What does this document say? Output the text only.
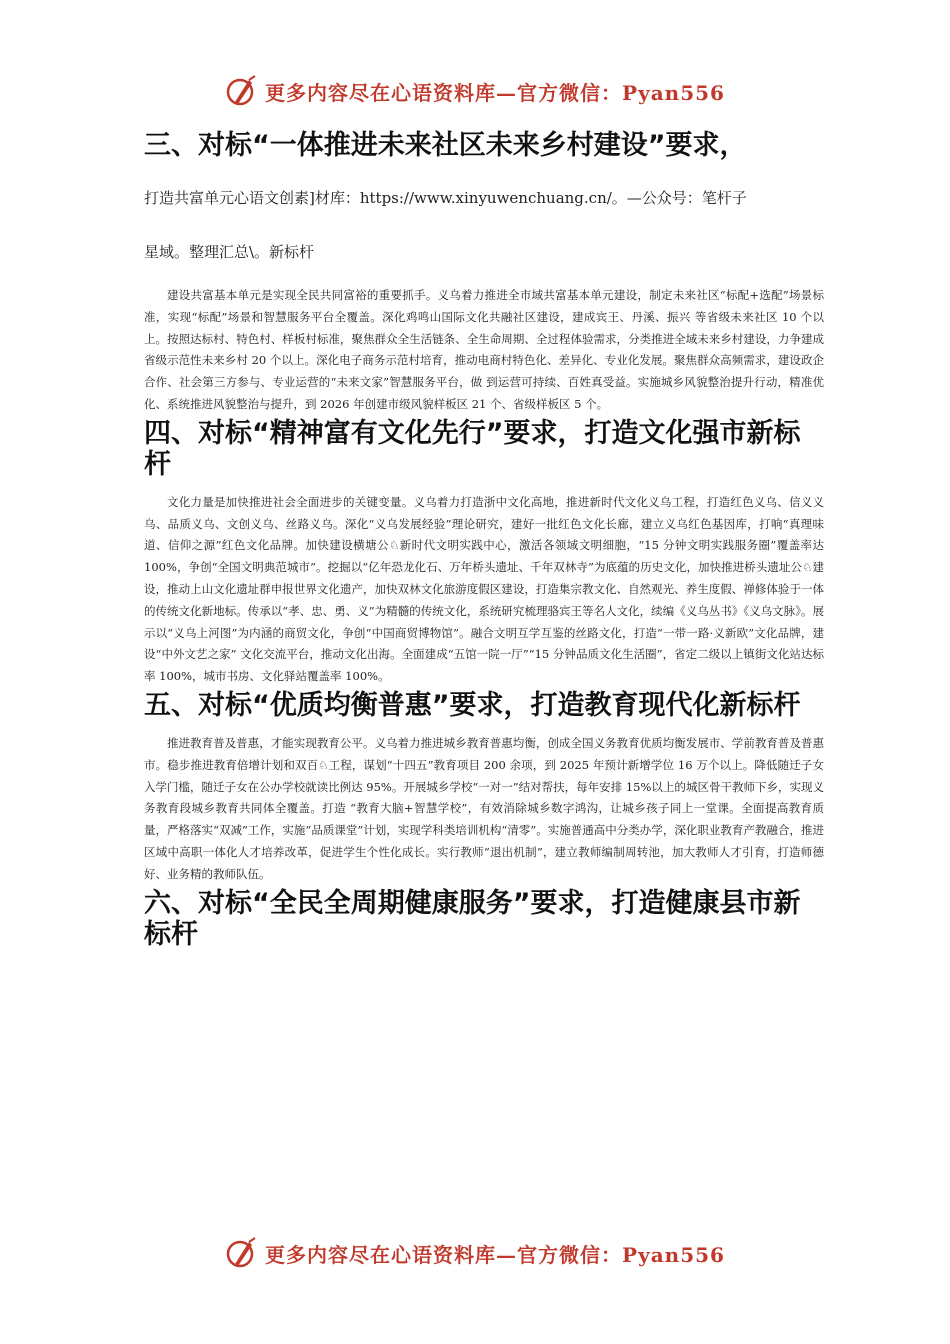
更多内容尽在心语资料库—官方微信：Pyan556
三、对标“一体推进未来社区未来乡村建设”要求，

打造共富单元心语文创素]材库：https://www.xinyuwenchuang.cn/。—公众号：笔杆子

星域。整理汇总\。新标杆

建设共富基本单元是实现全民共同富裕的重要抓手。义乌着力推进全市域共富基本单元建设，制定未来社区“标配+选配”场景标准，实现“标配”场景和智慧服务平台全覆盖。深化鸡鸣山国际文化共融社区建设，建成宾王、丹溪、振兴 等省级未来社区 10 个以上。按照达标村、特色村、样板村标准，聚焦群众全生活链条、全生命周期、全过程体验需求，分类推进全域未来乡村建设，力争建成省级示范性未来乡村 20 个以上。深化电子商务示范村培育，推动电商村特色化、差异化、专业化发展。聚焦群众高频需求，建设政企合作、社会第三方参与、专业运营的“未来文家”智慧服务平台，做 到运营可持续、百姓真受益。实施城乡风貌整治提升行动，精准优化、系统推进风貌整治与提升，到 2026 年创建市级风貌样板区 21 个、省级样板区 5 个。

四、对标“精神富有文化先行”要求，打造文化强市新标杆

文化力量是加快推进社会全面进步的关键变量。义乌着力打造浙中文化高地，推进新时代文化义乌工程，打造红色义乌、信义义乌、品质义乌、文创义乌、丝路义乌。深化“义乌发展经验”理论研究，建好一批红色文化长廊，建立义乌红色基因库，打响“真理味道、信仰之源”红色文化品牌。加快建设横塘公♘新时代文明实践中心，激活各领域文明细胞，“15 分钟文明实践服务圈”覆盖率达 100%，争创“全国文明典范城市”。挖掘以“亿年恐龙化石、万年桥头遗址、千年双林寺”为底蕴的历史文化，加快推进桥头遗址公♘建设，推动上山文化遗址群申报世界文化遗产，加快双林文化旅游度假区建设，打造集宗教文化、自然观光、养生度假、禅修体验于一体的传统文化新地标。传承以“孝、忠、勇、义”为精髓的传统文化，系统研究梳理骆宾王等名人文化，续编《义乌丛书》《义乌文脉》。展示以“义乌上河图”为内涵的商贸文化，争创“中国商贸博物馆”。融合文明互学互鉴的丝路文化，打造“一带一路·义新欧”文化品牌，建设“中外文艺之家” 文化交流平台，推动文化出海。全面建成“五馆一院一厅”“15 分钟品质文化生活圈”，省定二级以上镇街文化站达标率 100%，城市书房、文化驿站覆盖率 100%。

五、对标“优质均衡普惠”要求，打造教育现代化新标杆

推进教育普及普惠，才能实现教育公平。义乌着力推进城乡教育普惠均衡，创成全国义务教育优质均衡发展市、学前教育普及普惠市。稳步推进教育倍增计划和双百♘工程，谋划“十四五”教育项目 200 余项，到 2025 年预计新增学位 16 万个以上。降低随迁子女入学门槛，随迁子女在公办学校就读比例达 95%。开展城乡学校“一对一”结对帮扶，每年安排 15%以上的城区骨干教师下乡，实现义务教育段城乡教育共同体全覆盖。打造 “教育大脑+智慧学校”，有效消除城乡数字鸿沟，让城乡孩子同上一堂课。全面提高教育质量，严格落实“双减”工作，实施“品质课堂”计划，实现学科类培训机构“清零”。实施普通高中分类办学，深化职业教育产教融合，推进区域中高职一体化人才培养改革，促进学生个性化成长。实行教师“退出机制”，建立教师编制周转池，加大教师人才引育，打造师德好、业务精的教师队伍。

六、对标“全民全周期健康服务”要求，打造健康县市新标杆
更多内容尽在心语资料库—官方微信：Pyan556
